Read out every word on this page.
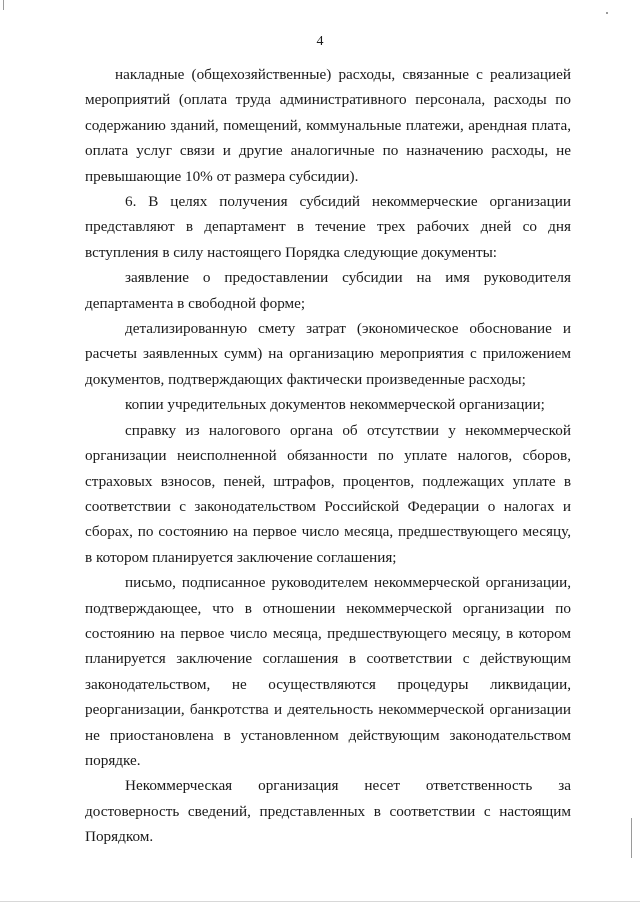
4

накладные (общехозяйственные) расходы, связанные с реализацией мероприятий (оплата труда административного персонала, расходы по содержанию зданий, помещений, коммунальные платежи, арендная плата, оплата услуг связи и другие аналогичные по назначению расходы, не превышающие 10% от размера субсидии).

6. В целях получения субсидий некоммерческие организации представляют в департамент в течение трех рабочих дней со дня вступления в силу настоящего Порядка следующие документы:

заявление о предоставлении субсидии на имя руководителя департамента в свободной форме;

детализированную смету затрат (экономическое обоснование и расчеты заявленных сумм) на организацию мероприятия с приложением документов, подтверждающих фактически произведенные расходы;

копии учредительных документов некоммерческой организации;

справку из налогового органа об отсутствии у некоммерческой организации неисполненной обязанности по уплате налогов, сборов, страховых взносов, пеней, штрафов, процентов, подлежащих уплате в соответствии с законодательством Российской Федерации о налогах и сборах, по состоянию на первое число месяца, предшествующего месяцу, в котором планируется заключение соглашения;

письмо, подписанное руководителем некоммерческой организации, подтверждающее, что в отношении некоммерческой организации по состоянию на первое число месяца, предшествующего месяцу, в котором планируется заключение соглашения в соответствии с действующим законодательством, не осуществляются процедуры ликвидации, реорганизации, банкротства и деятельность некоммерческой организации не приостановлена в установленном действующим законодательством порядке.

Некоммерческая организация несет ответственность за достоверность сведений, представленных в соответствии с настоящим Порядком.
